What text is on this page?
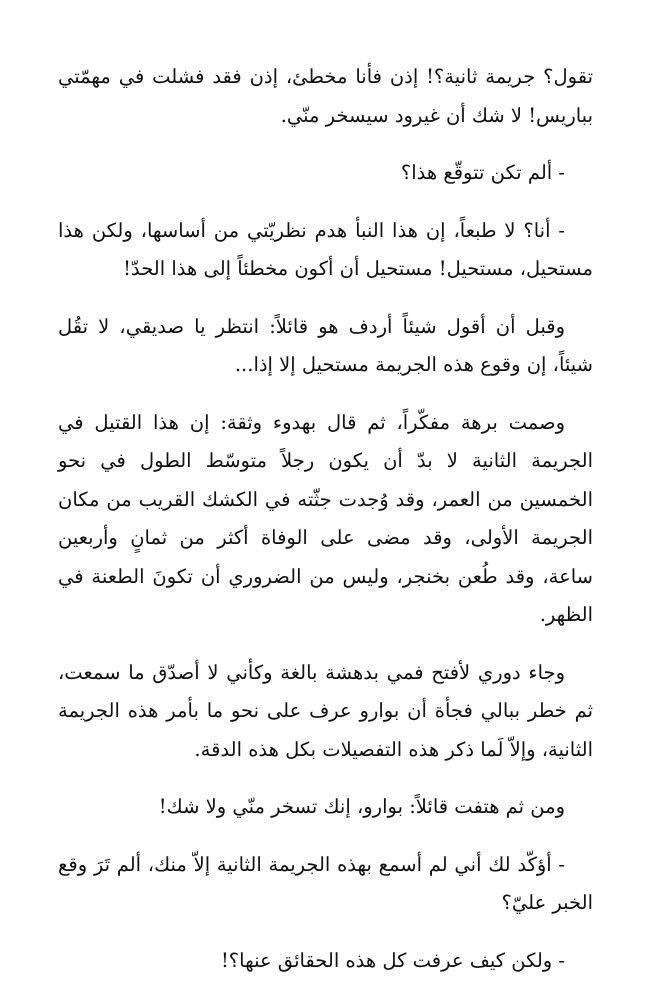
تقول؟ جريمة ثانية؟! إذن فأنا مخطئ، إذن فقد فشلت في مهمّتي بباريس! لا شك أن غيرود سيسخر منّي.

- ألم تكن تتوقّع هذا؟

- أنا؟ لا طبعاً، إن هذا النبأ هدم نظريّتي من أساسها، ولكن هذا مستحيل، مستحيل! مستحيل أن أكون مخطئاً إلى هذا الحدّ!

وقبل أن أقول شيئاً أردف هو قائلاً: انتظر يا صديقي، لا تقُل شيئاً، إن وقوع هذه الجريمة مستحيل إلا إذا...

وصمت برهة مفكّراً، ثم قال بهدوء وثقة: إن هذا القتيل في الجريمة الثانية لا بدّ أن يكون رجلاً متوسّط الطول في نحو الخمسين من العمر، وقد وُجدت جثّته في الكشك القريب من مكان الجريمة الأولى، وقد مضى على الوفاة أكثر من ثمانٍ وأربعين ساعة، وقد طُعن بخنجر، وليس من الضروري أن تكونَ الطعنة في الظهر.

وجاء دوري لأفتح فمي بدهشة بالغة وكأني لا أصدّق ما سمعت، ثم خطر ببالي فجأة أن بوارو عرف على نحو ما بأمر هذه الجريمة الثانية، وإلاّ لَما ذكر هذه التفصيلات بكل هذه الدقة.

ومن ثم هتفت قائلاً: بوارو، إنك تسخر منّي ولا شك!

- أؤكّد لك أني لم أسمع بهذه الجريمة الثانية إلاّ منك، ألم تَرَ وقع الخبر عليّ؟

- ولكن كيف عرفت كل هذه الحقائق عنها؟!
